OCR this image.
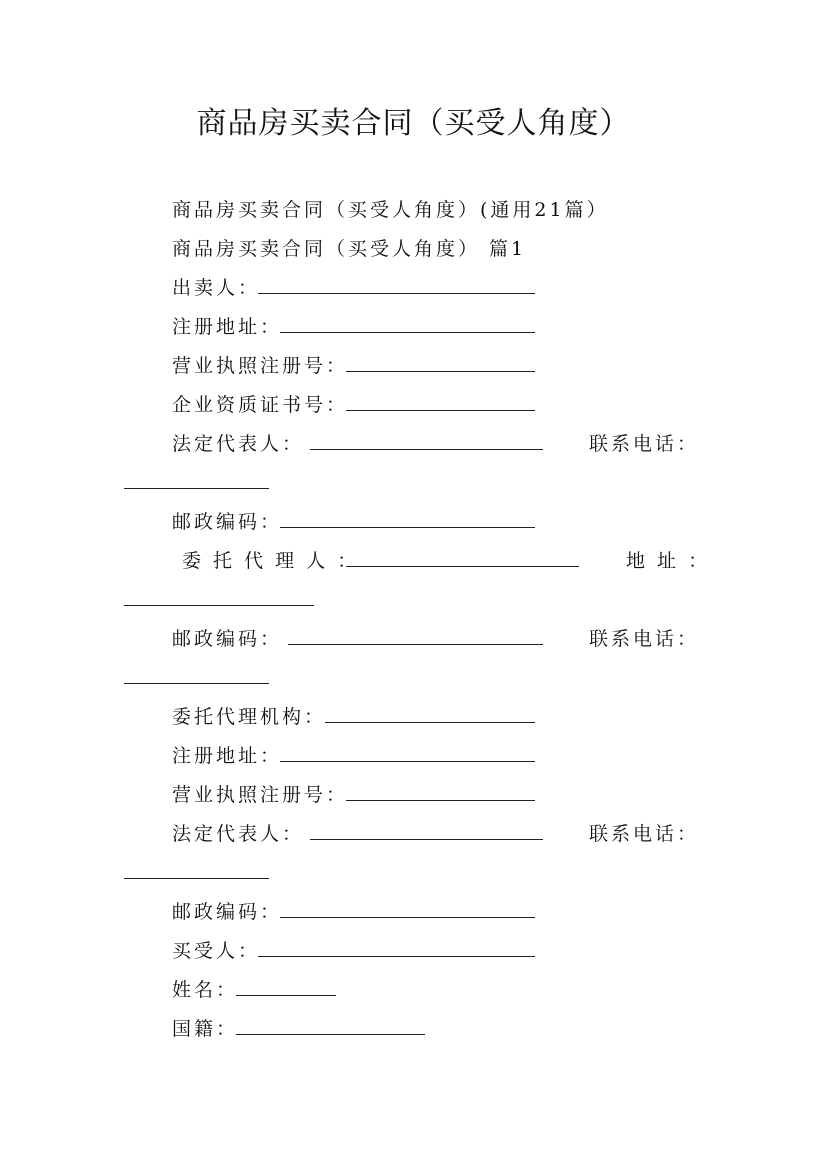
商品房买卖合同（买受人角度）
商品房买卖合同（买受人角度）(通用21篇）
商品房买卖合同（买受人角度） 篇1
出卖人：
注册地址：
营业执照注册号：
企业资质证书号：
法定代表人：	联系电话：
邮政编码：
委 托 代 理 人 ：	地 址 ：
邮政编码：	联系电话：
委托代理机构：
注册地址：
营业执照注册号：
法定代表人：	联系电话：
邮政编码：
买受人：
姓名：
国籍：
